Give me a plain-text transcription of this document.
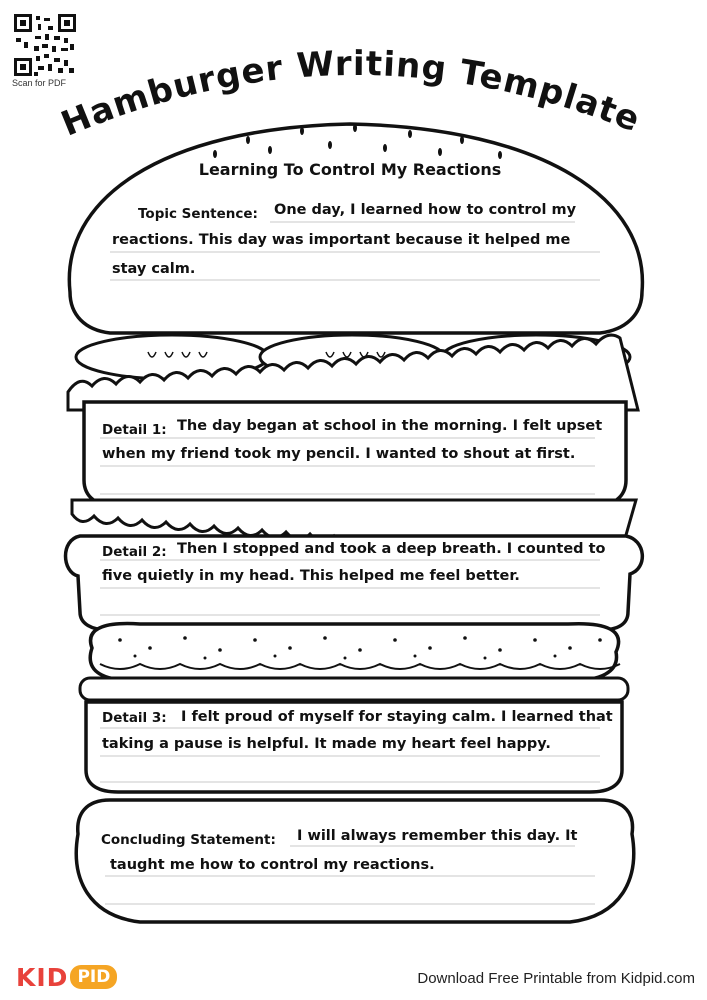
Scan for PDF
Hamburger Writing Template
Learning To Control My Reactions
Topic Sentence: One day, I learned how to control my
reactions. This day was important because it helped me
stay calm.
Detail 1: The day began at school in the morning. I felt upset
when my friend took my pencil. I wanted to shout at first.
Detail 2: Then I stopped and took a deep breath. I counted to
five quietly in my head. This helped me feel better.
Detail 3: I felt proud of myself for staying calm. I learned that
taking a pause is helpful. It made my heart feel happy.
Concluding Statement: I will always remember this day. It
taught me how to control my reactions.
KID PID	Download Free Printable from Kidpid.com
